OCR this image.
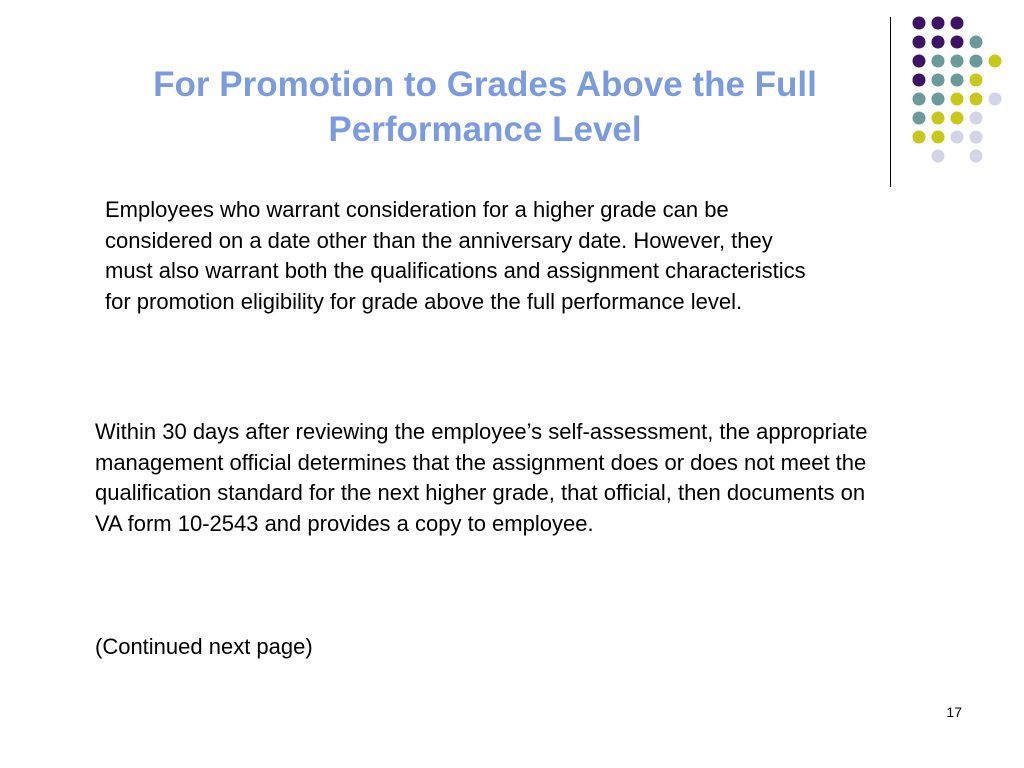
For Promotion to Grades Above the Full Performance Level

Employees who warrant consideration for a higher grade can be considered on a date other than the anniversary date. However, they must also warrant both the qualifications and assignment characteristics for promotion eligibility for grade above the full performance level.

Within 30 days after reviewing the employee’s self-assessment, the appropriate management official determines that the assignment does or does not meet the qualification standard for the next higher grade, that official, then documents on VA form 10-2543 and provides a copy to employee.

(Continued next page)

17
